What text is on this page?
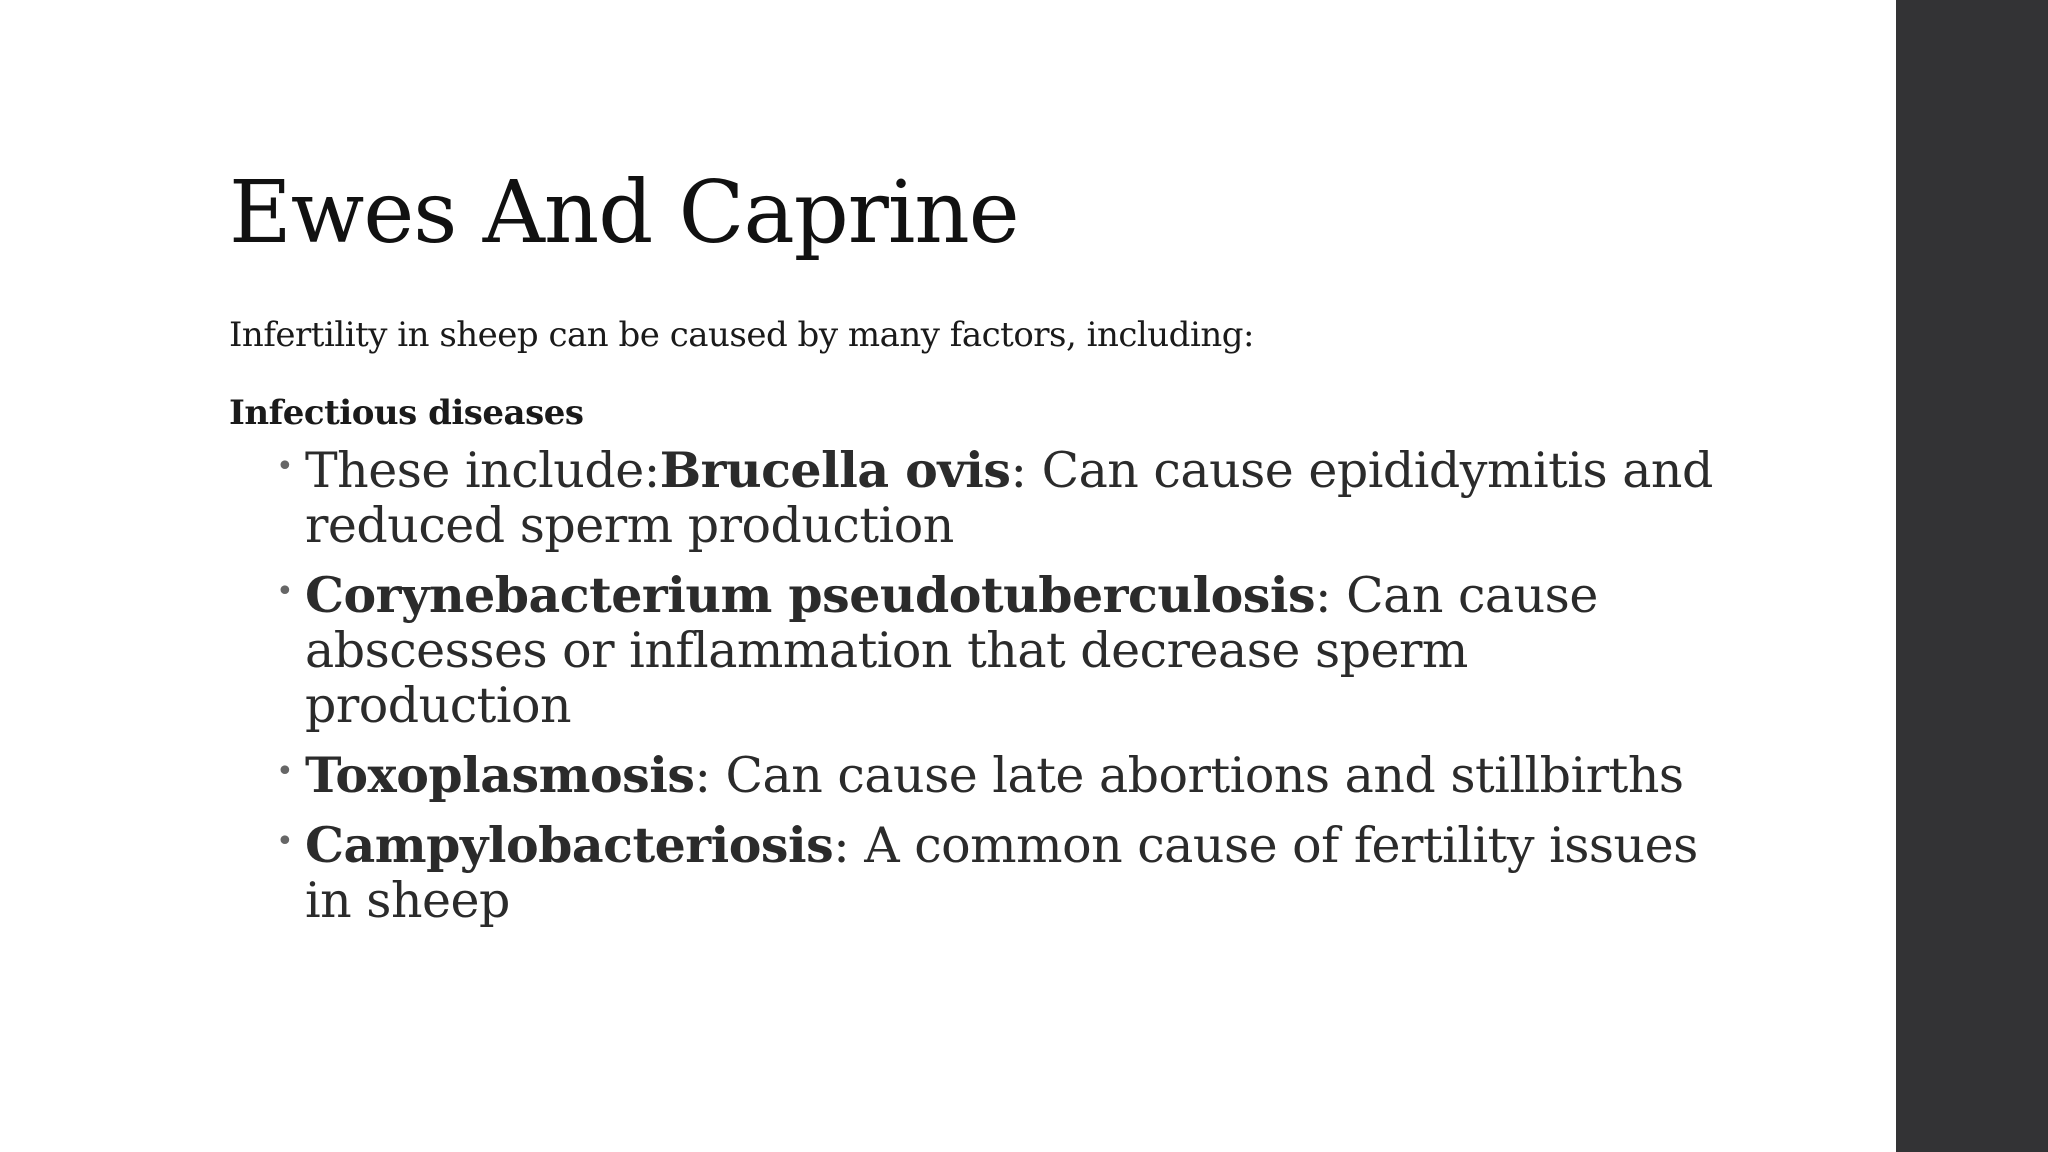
Ewes And Caprine

Infertility in sheep can be caused by many factors, including:

Infectious diseases

• These include:Brucella ovis: Can cause epididymitis and reduced sperm production
• Corynebacterium pseudotuberculosis: Can cause abscesses or inflammation that decrease sperm production
• Toxoplasmosis: Can cause late abortions and stillbirths
• Campylobacteriosis: A common cause of fertility issues in sheep
